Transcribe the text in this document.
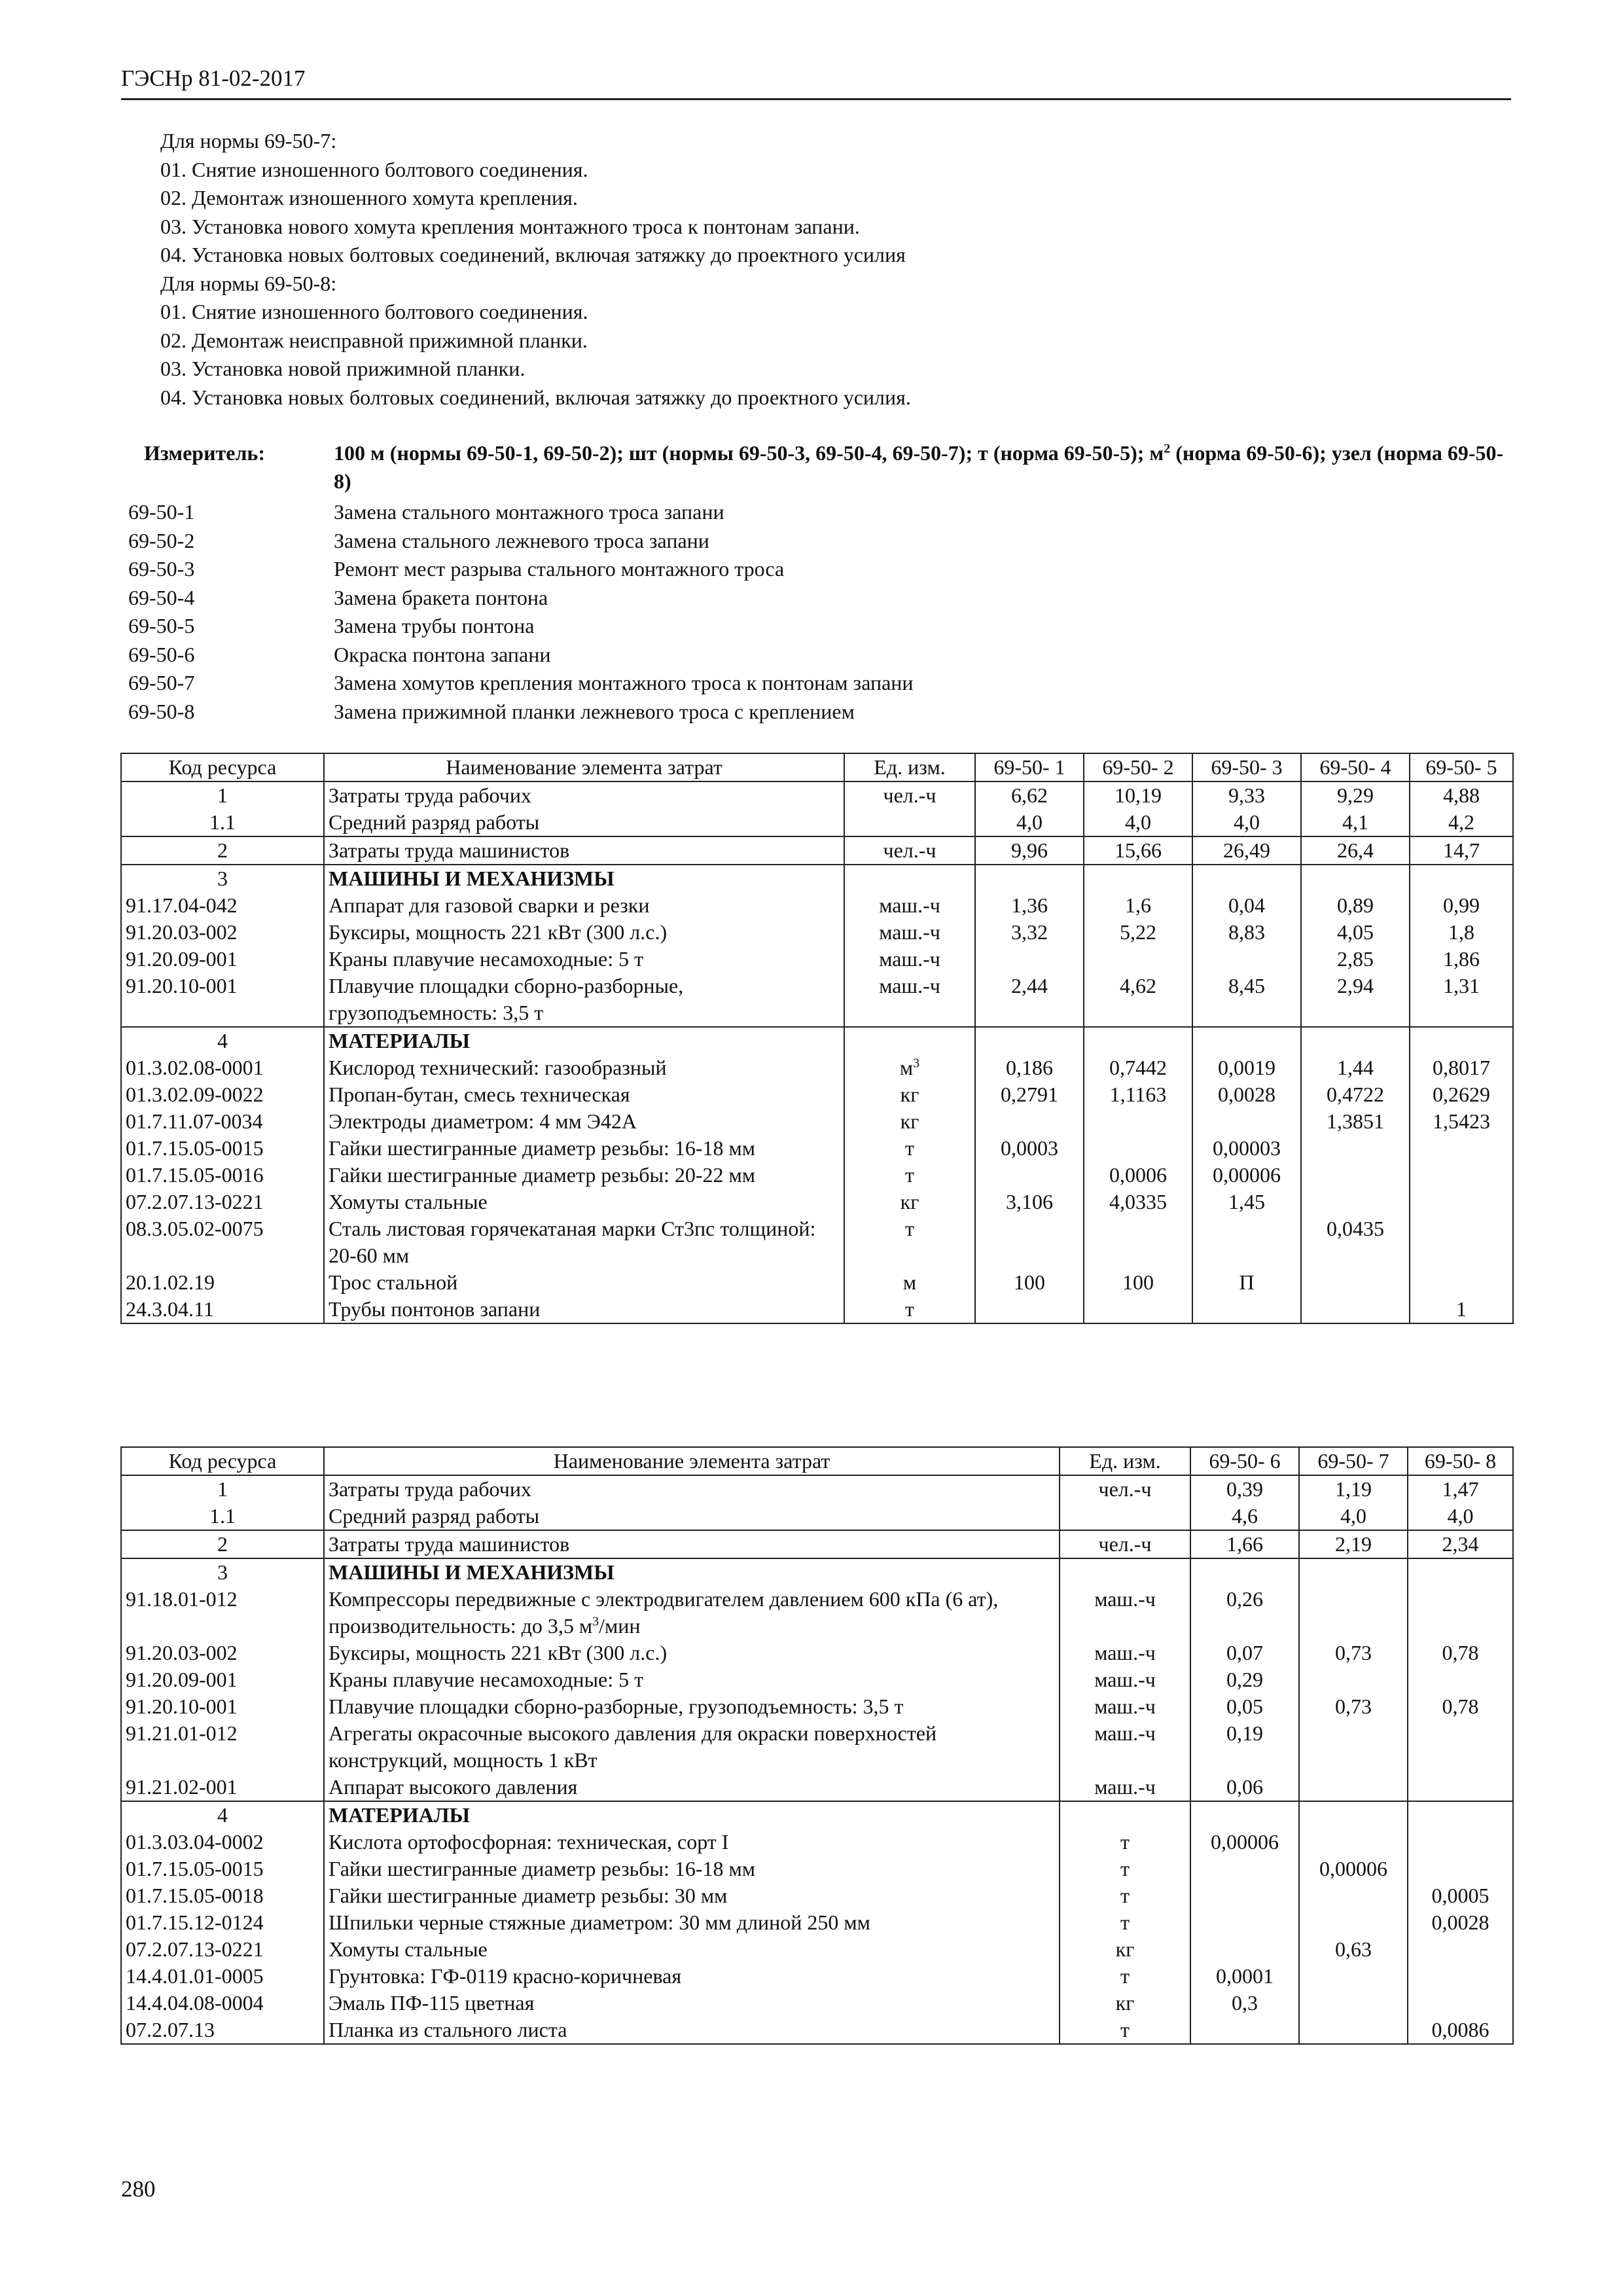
ГЭСНр 81-02-2017
Для нормы 69-50-7:
01. Снятие изношенного болтового соединения.
02. Демонтаж изношенного хомута крепления.
03. Установка нового хомута крепления монтажного троса к понтонам запани.
04. Установка новых болтовых соединений, включая затяжку до проектного усилия
Для нормы 69-50-8:
01. Снятие изношенного болтового соединения.
02. Демонтаж неисправной прижимной планки.
03. Установка новой прижимной планки.
04. Установка новых болтовых соединений, включая затяжку до проектного усилия.
Измеритель:	100 м (нормы 69-50-1, 69-50-2); шт (нормы 69-50-3, 69-50-4, 69-50-7); т (норма 69-50-5); $м^2$ (норма 69-50-6); узел (норма 69-50-8)
69-50-1	Замена стального монтажного троса запани
69-50-2	Замена стального лежневого троса запани
69-50-3	Ремонт мест разрыва стального монтажного троса
69-50-4	Замена бракета понтона
69-50-5	Замена трубы понтона
69-50-6	Окраска понтона запани
69-50-7	Замена хомутов крепления монтажного троса к понтонам запани
69-50-8	Замена прижимной планки лежневого троса с креплением
Код ресурса	Наименование элемента затрат	Ед. изм.	69-50- 1	69-50- 2	69-50- 3	69-50- 4	69-50- 5
1	Затраты труда рабочих	чел.-ч	6,62	10,19	9,33	9,29	4,88
1.1	Средний разряд работы		4,0	4,0	4,0	4,1	4,2
2	Затраты труда машинистов	чел.-ч	9,96	15,66	26,49	26,4	14,7
3	МАШИНЫ И МЕХАНИЗМЫ						
91.17.04-042	Аппарат для газовой сварки и резки	маш.-ч	1,36	1,6	0,04	0,89	0,99
91.20.03-002	Буксиры, мощность 221 кВт (300 л.с.)	маш.-ч	3,32	5,22	8,83	4,05	1,8
91.20.09-001	Краны плавучие несамоходные: 5 т	маш.-ч				2,85	1,86
91.20.10-001	Плавучие площадки сборно-разборные, грузоподъемность: 3,5 т	маш.-ч	2,44	4,62	8,45	2,94	1,31
4	МАТЕРИАЛЫ						
01.3.02.08-0001	Кислород технический: газообразный	$м^3$	0,186	0,7442	0,0019	1,44	0,8017
01.3.02.09-0022	Пропан-бутан, смесь техническая	кг	0,2791	1,1163	0,0028	0,4722	0,2629
01.7.11.07-0034	Электроды диаметром: 4 мм Э42А	кг				1,3851	1,5423
01.7.15.05-0015	Гайки шестигранные диаметр резьбы: 16-18 мм	т	0,0003		0,00003		
01.7.15.05-0016	Гайки шестигранные диаметр резьбы: 20-22 мм	т		0,0006	0,00006		
07.2.07.13-0221	Хомуты стальные	кг	3,106	4,0335	1,45		
08.3.05.02-0075	Сталь листовая горячекатаная марки Ст3пс толщиной: 20-60 мм	т				0,0435	
20.1.02.19	Трос стальной	м	100	100	П		
24.3.04.11	Трубы понтонов запани	т					1
Код ресурса	Наименование элемента затрат	Ед. изм.	69-50- 6	69-50- 7	69-50- 8
1	Затраты труда рабочих	чел.-ч	0,39	1,19	1,47
1.1	Средний разряд работы		4,6	4,0	4,0
2	Затраты труда машинистов	чел.-ч	1,66	2,19	2,34
3	МАШИНЫ И МЕХАНИЗМЫ				
91.18.01-012	Компрессоры передвижные с электродвигателем давлением 600 кПа (6 ат), производительность: до 3,5 $м^3$/мин	маш.-ч	0,26		
91.20.03-002	Буксиры, мощность 221 кВт (300 л.с.)	маш.-ч	0,07	0,73	0,78
91.20.09-001	Краны плавучие несамоходные: 5 т	маш.-ч	0,29		
91.20.10-001	Плавучие площадки сборно-разборные, грузоподъемность: 3,5 т	маш.-ч	0,05	0,73	0,78
91.21.01-012	Агрегаты окрасочные высокого давления для окраски поверхностей конструкций, мощность 1 кВт	маш.-ч	0,19		
91.21.02-001	Аппарат высокого давления	маш.-ч	0,06		
4	МАТЕРИАЛЫ				
01.3.03.04-0002	Кислота ортофосфорная: техническая, сорт I	т	0,00006		
01.7.15.05-0015	Гайки шестигранные диаметр резьбы: 16-18 мм	т		0,00006	
01.7.15.05-0018	Гайки шестигранные диаметр резьбы: 30 мм	т			0,0005
01.7.15.12-0124	Шпильки черные стяжные диаметром: 30 мм длиной 250 мм	т			0,0028
07.2.07.13-0221	Хомуты стальные	кг		0,63	
14.4.01.01-0005	Грунтовка: ГФ-0119 красно-коричневая	т	0,0001		
14.4.04.08-0004	Эмаль ПФ-115 цветная	кг	0,3		
07.2.07.13	Планка из стального листа	т			0,0086
280
